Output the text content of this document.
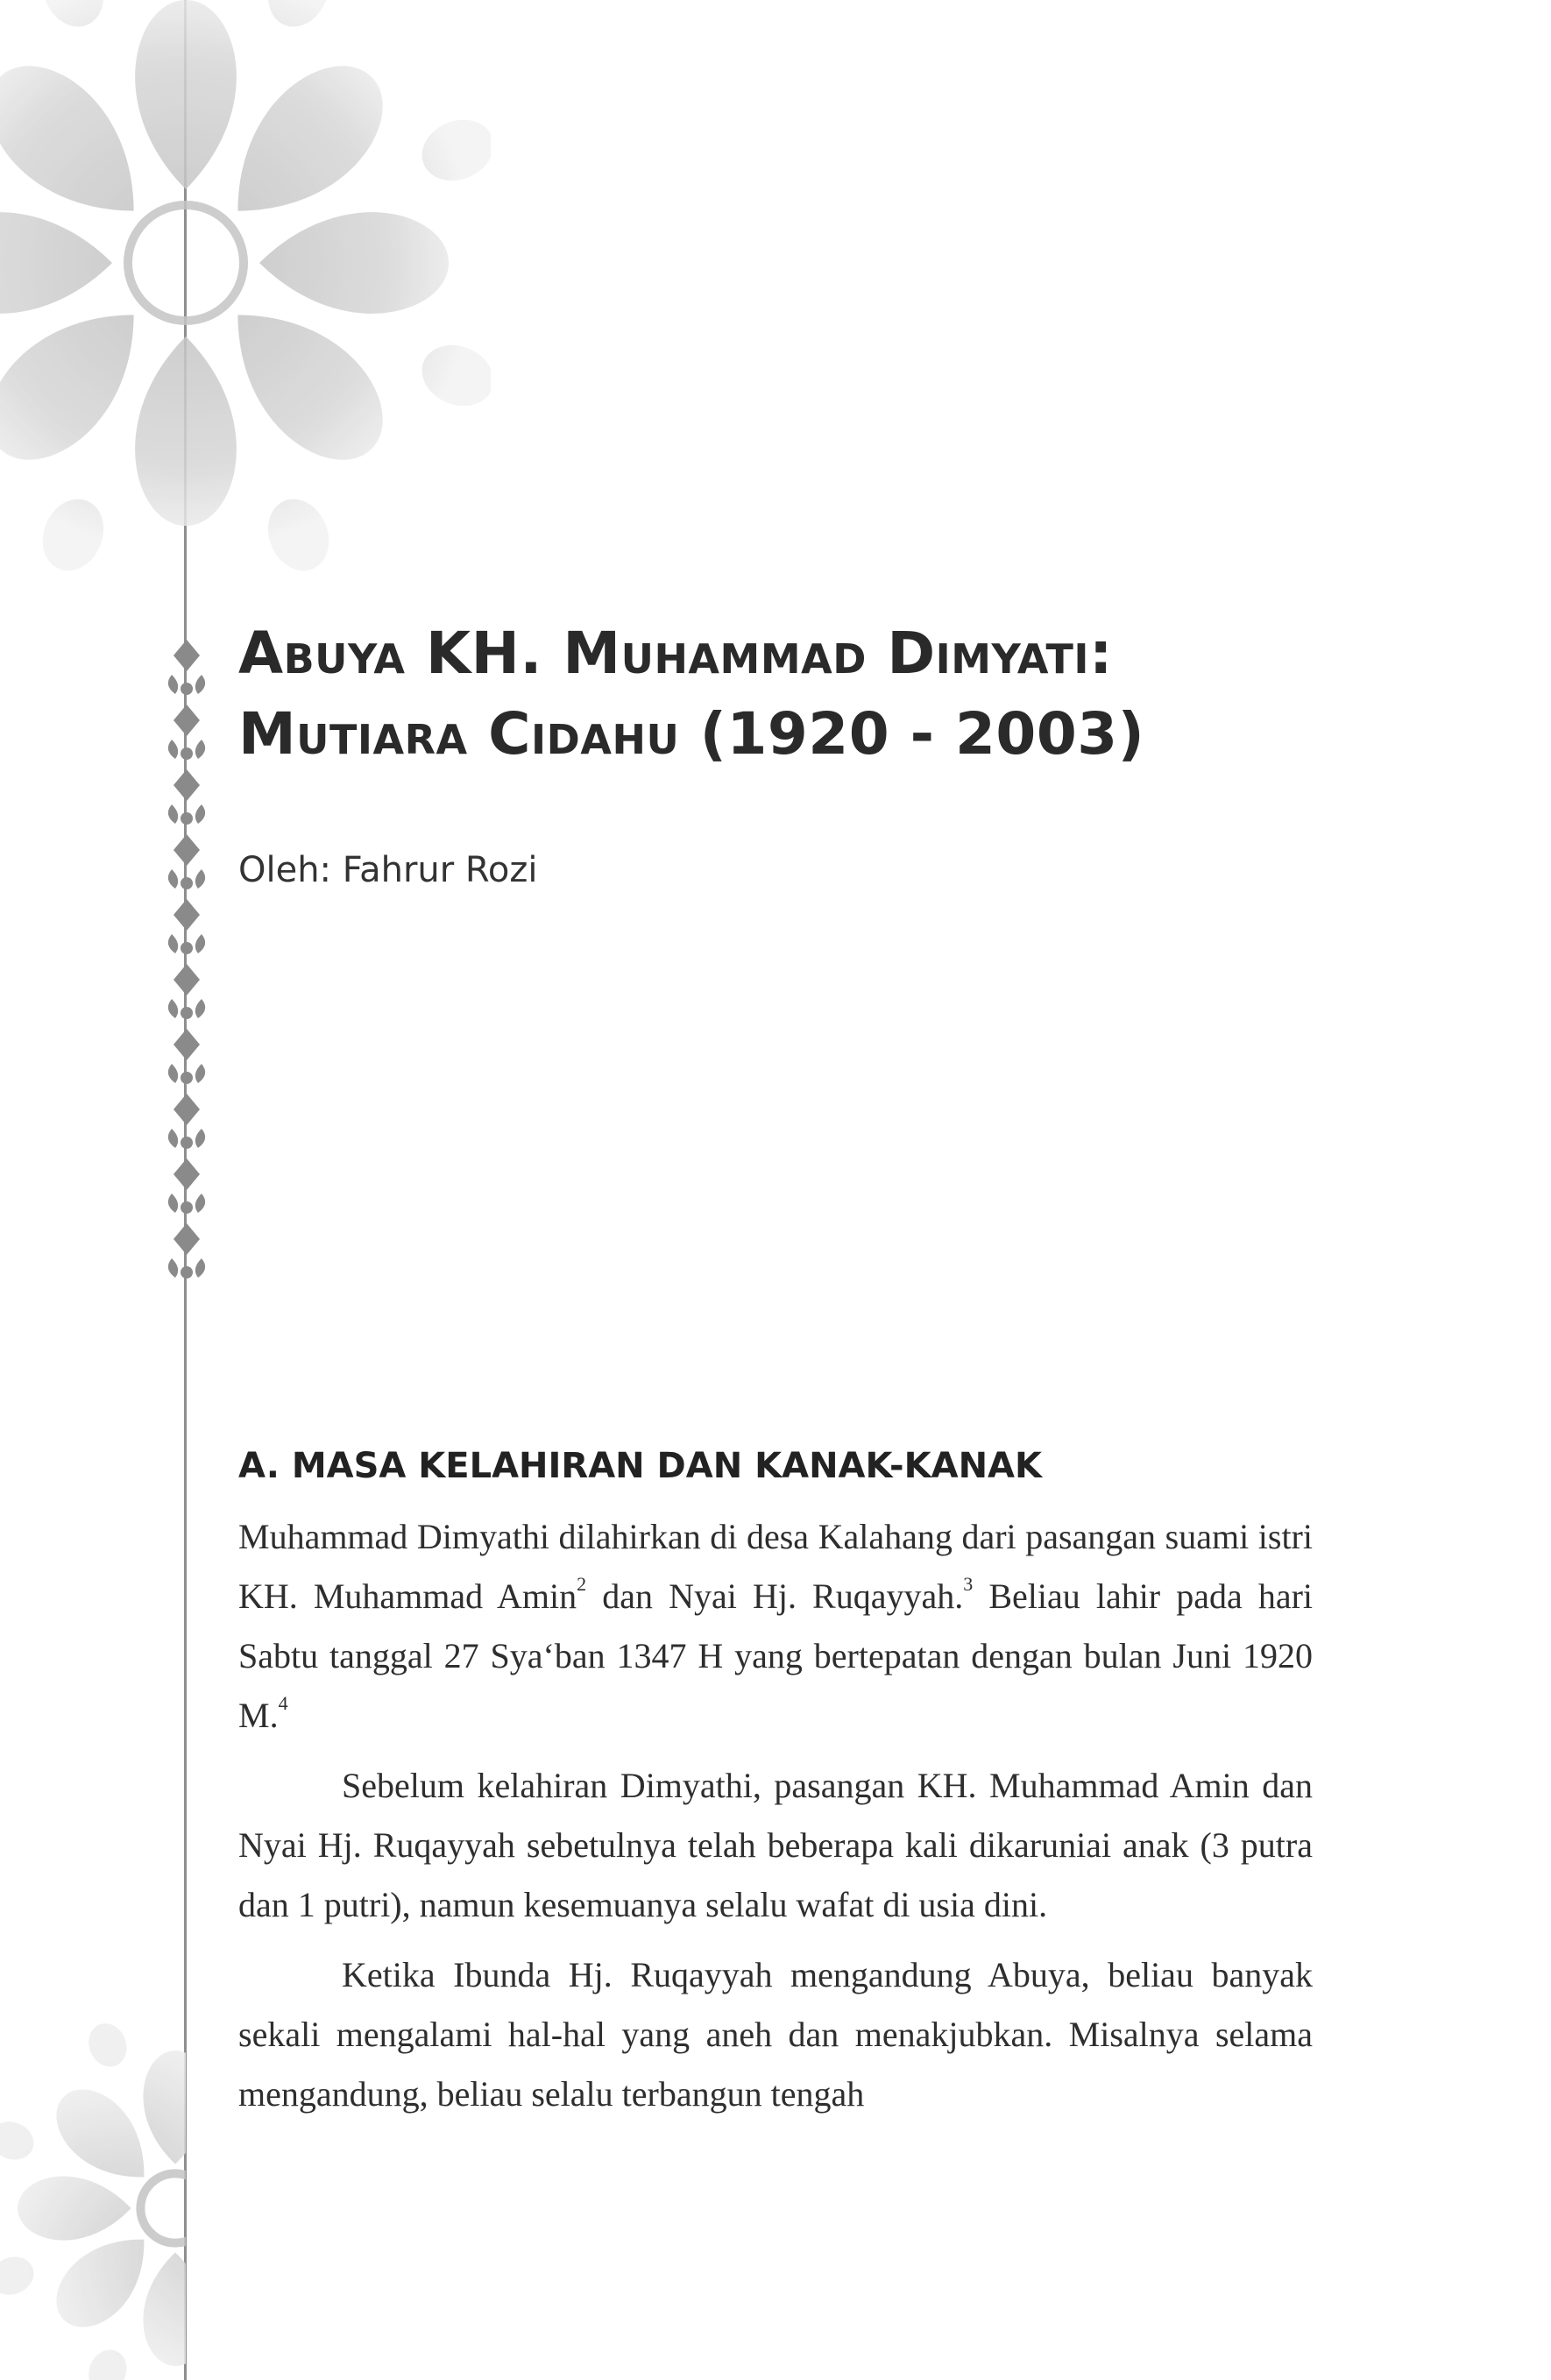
Abuya KH. Muhammad Dimyati:
Mutiara Cidahu (1920 - 2003)
Oleh: Fahrur Rozi
A. MASA KELAHIRAN DAN KANAK-KANAK

Muhammad Dimyathi dilahirkan di desa Kalahang dari pasangan suami istri KH. Muhammad Amin$^2$ dan Nyai Hj. Ruqayyah.$^3$ Beliau lahir pada hari Sabtu tanggal 27 Sya‘ban 1347 H yang bertepatan dengan bulan Juni 1920 M.$^4$

Sebelum kelahiran Dimyathi, pasangan KH. Muhammad Amin dan Nyai Hj. Ruqayyah sebetulnya telah beberapa kali dikaruniai anak (3 putra dan 1 putri), namun kesemuanya selalu wafat di usia dini.

Ketika Ibunda Hj. Ruqayyah mengandung Abuya, beliau banyak sekali mengalami hal-hal yang aneh dan menakjubkan. Misalnya selama mengandung, beliau selalu terbangun tengah
